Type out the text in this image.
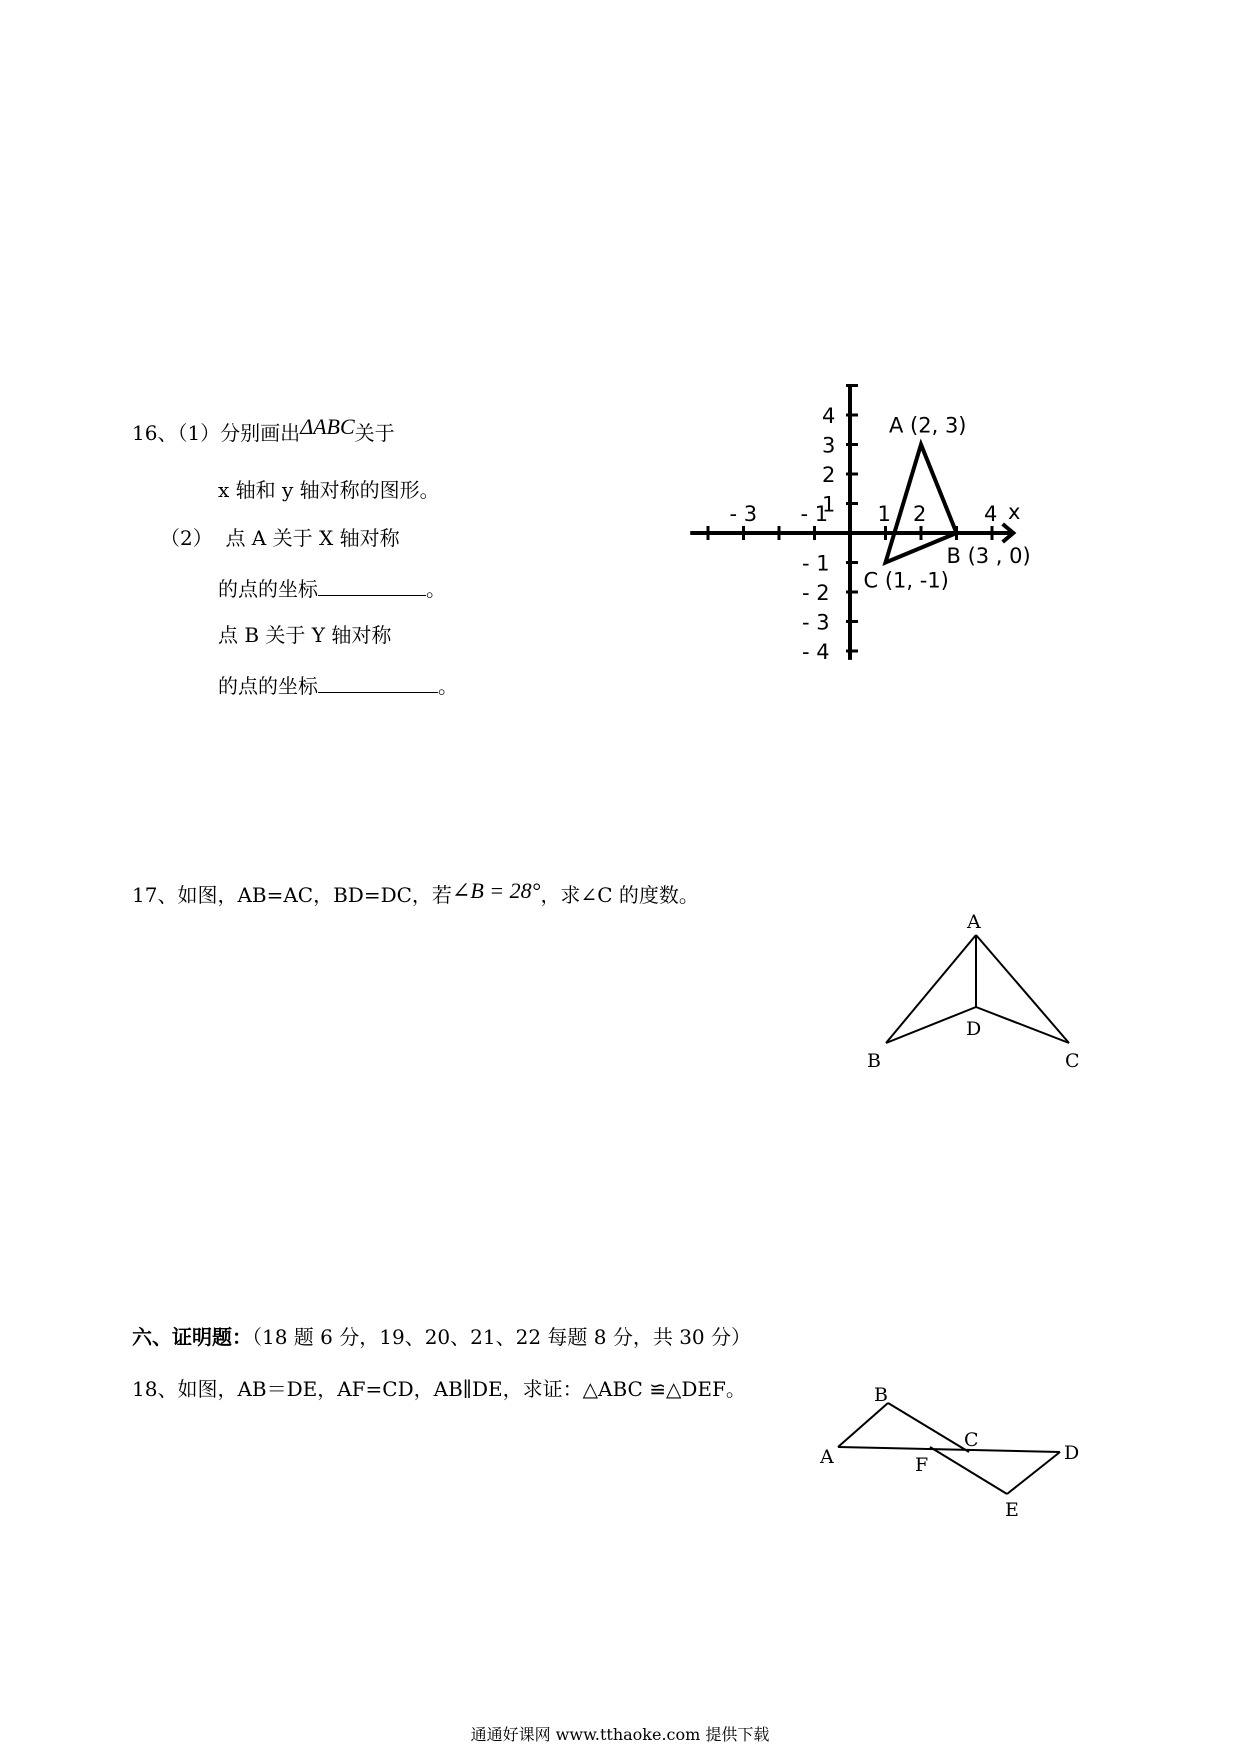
16、（1）分别画出ΔABC关于
x 轴和 y 轴对称的图形。
（2） 点 A 关于 X 轴对称
的点的坐标	。
点 B 关于 Y 轴对称
的点的坐标	。
- 3 - 1 1 2	4
4
3
2
1
- 1
- 2
- 3
- 4
x
A (2, 3)
B (3 , 0)
C (1, -1)
17、如图，AB=AC，BD=DC，若∠B = 28°，求∠C 的度数。
A
B	C
D
六、证明题：（18 题 6 分，19、20、21、22 每题 8 分，共 30 分）
18、如图，AB＝DE，AF=CD，AB∥DE，求证：△ABC ≌△DEF。
A
B
C
D
E
F
通通好课网 www.tthaoke.com 提供下载
